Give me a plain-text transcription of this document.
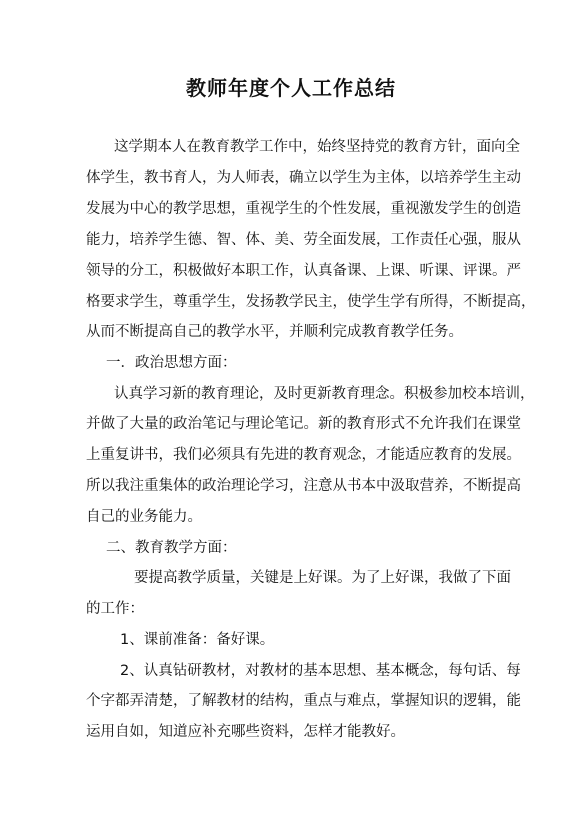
教师年度个人工作总结
这学期本人在教育教学工作中，始终坚持党的教育方针，面向全
体学生，教书育人，为人师表，确立以学生为主体，以培养学生主动
发展为中心的教学思想，重视学生的个性发展，重视激发学生的创造
能力，培养学生德、智、体、美、劳全面发展，工作责任心强，服从
领导的分工，积极做好本职工作，认真备课、上课、听课、评课。严
格要求学生，尊重学生，发扬教学民主，使学生学有所得，不断提高，
从而不断提高自己的教学水平，并顺利完成教育教学任务。
一．政治思想方面：
认真学习新的教育理论，及时更新教育理念。积极参加校本培训，
并做了大量的政治笔记与理论笔记。新的教育形式不允许我们在课堂
上重复讲书，我们必须具有先进的教育观念，才能适应教育的发展。
所以我注重集体的政治理论学习，注意从书本中汲取营养，不断提高
自己的业务能力。
二、教育教学方面：
要提高教学质量，关键是上好课。为了上好课，我做了下面
的工作：
1、课前准备：备好课。
2、认真钻研教材，对教材的基本思想、基本概念，每句话、每
个字都弄清楚，了解教材的结构，重点与难点，掌握知识的逻辑，能
运用自如，知道应补充哪些资料，怎样才能教好。
